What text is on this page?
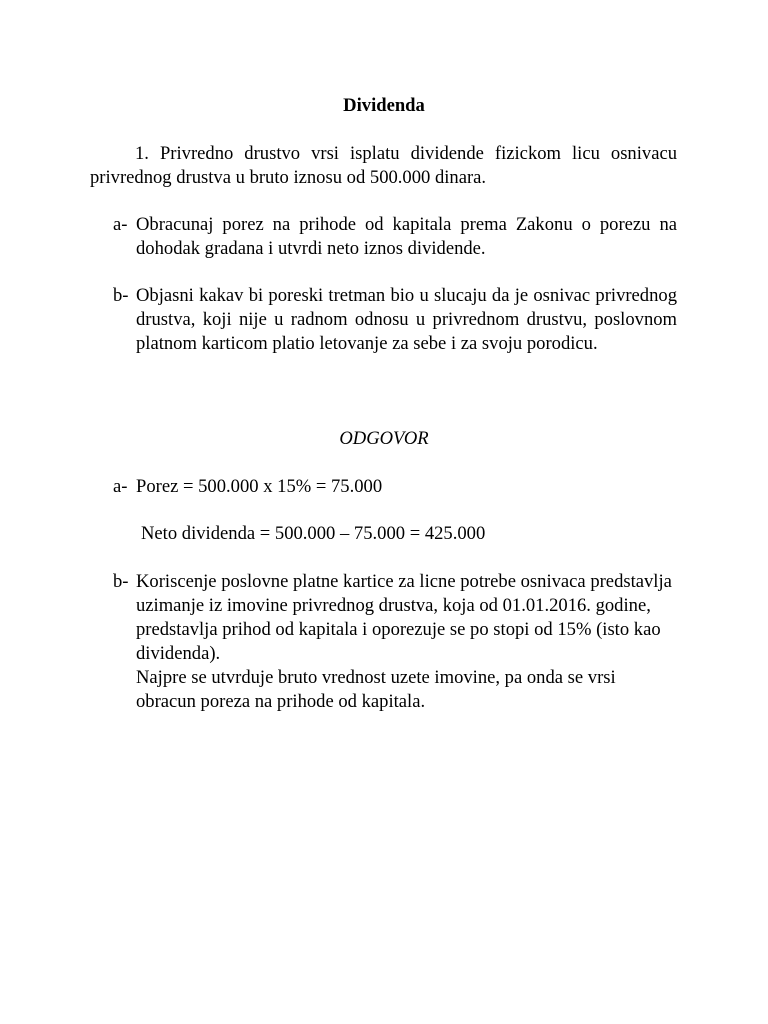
Dividenda
1. Privredno drustvo vrsi isplatu dividende fizickom licu osnivacu privrednog drustva u bruto iznosu od 500.000 dinara.
a- Obracunaj porez na prihode od kapitala prema Zakonu o porezu na dohodak gradana i utvrdi neto iznos dividende.
b- Objasni kakav bi poreski tretman bio u slucaju da je osnivac privrednog drustva, koji nije u radnom odnosu u privrednom drustvu, poslovnom platnom karticom platio letovanje za sebe i za svoju porodicu.
ODGOVOR
a- Porez = 500.000 x 15% = 75.000
Neto dividenda = 500.000 – 75.000 = 425.000
b- Koriscenje poslovne platne kartice za licne potrebe osnivaca predstavlja uzimanje iz imovine privrednog drustva, koja od 01.01.2016. godine, predstavlja prihod od kapitala i oporezuje se po stopi od 15% (isto kao dividenda).
Najpre se utvrduje bruto vrednost uzete imovine, pa onda se vrsi obracun poreza na prihode od kapitala.
